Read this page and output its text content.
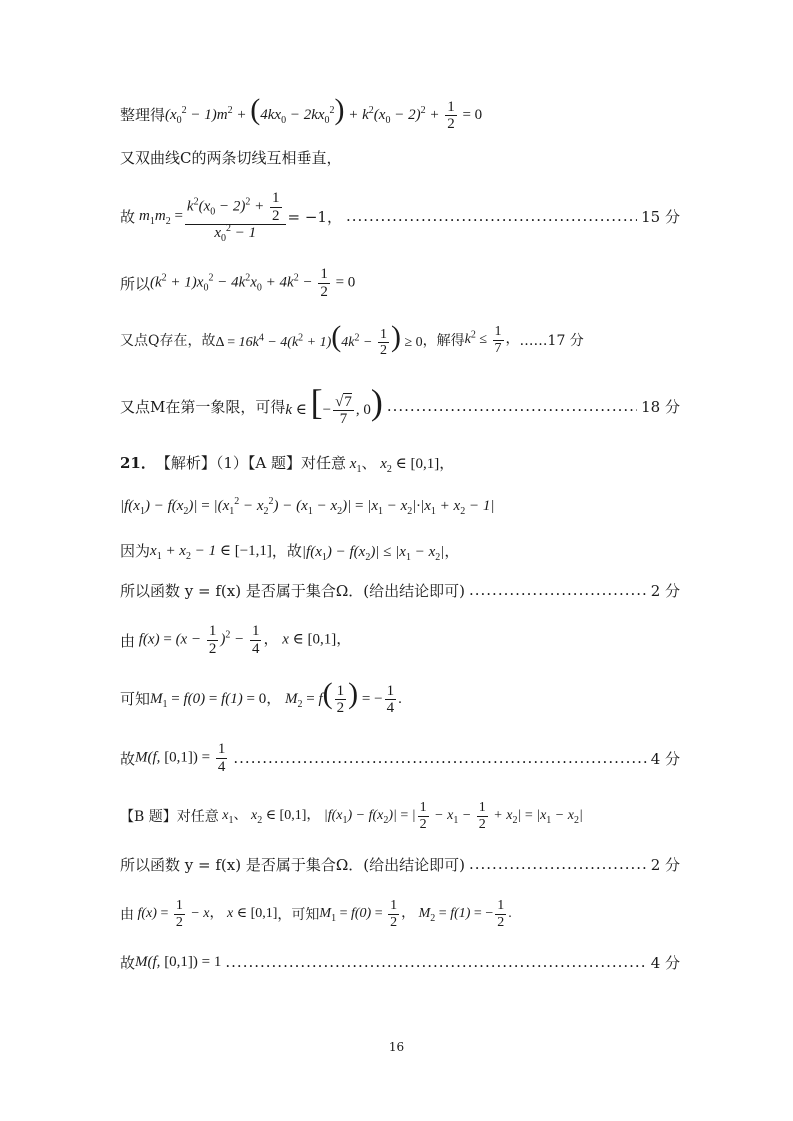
整理得 $(x_0^2 - 1)m^2 + (4kx_0 - 2kx_0^2) + k^2(x_0 - 2)^2 + \frac{1}{2} = 0$
又双曲线C的两条切线互相垂直，
故 $m_1m_2 = \frac{k^2(x_0 - 2)^2 + \frac{1}{2}}{x_0^2 - 1} = -1$， .....	15 分
所以 $(k^2 + 1)x_0^2 - 4k^2x_0 + 4k^2 - \frac{1}{2} = 0$
又点Q存在，故 $\Delta = 16k^4 - 4(k^2 + 1)(4k^2 - \frac{1}{2}$ ) ≥ 0 ，解得 $k^2 \le \frac{1}{7}$ ， ……17 分
又点M在第一象限，可得 k ∈ [− $\frac{√7}{7}$ , 0) .....	18 分
21． 【解析】（1）【A 题】对任意 $x_1$、 $x_2$ ∈ [0,1]，
$|f(x_1) - f(x_2)| = |(x_1^2 - x_2^2) - (x_1 - x_2)| = |x_1 - x_2|\cdot|x_1 + x_2 - 1|$
因为 $x_1 + x_2 - 1$ ∈ [−1,1] ，故 $|f(x_1) - f(x_2)| \le |x_1 - x_2|$，
所以函数 y = f(x) 是否属于集合Ω．(给出结论即可) .....	2 分
由 $f(x) = (x - \frac{1}{2} )^2 - \frac{1}{4}$ ， x ∈ [0,1]，
可知 $M_1 = f(0) = f(1) = 0$， $M_2 = f( \frac{1}{2}$ ) = − $\frac{1}{4}$ .
故 M(f, $[0,1]) = \frac{1}{4}$ .....	4 分
【B 题】对任意 $x_1$、 $x_2$ ∈ [0,1]， $|f(x_1) - f(x_2)|$ = | $\frac{1}{2} - x_1 - \frac{1}{2} + x_2| = |x_1 - x_2|$
所以函数 y = f(x) 是否属于集合Ω．(给出结论即可) .....	2 分
由 $f(x) = \frac{1}{2} - x$， x ∈ [0,1] ，可知 $M_1 = f(0) = \frac{1}{2}$ ， $M_2 = f(1)$ = − $\frac{1}{2}$ .
故 M(f, [0,1]) = 1 .....	4 分
16
